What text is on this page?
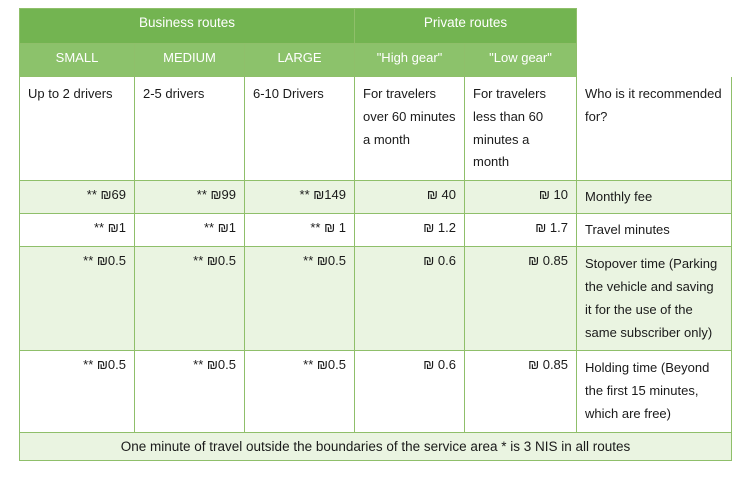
Business routes			Private routes		
SMALL	MEDIUM	LARGE	"High gear"	"Low gear"	
Up to 2 drivers	2-5 drivers	6-10 Drivers	For travelers over 60 minutes a month	For travelers less than 60 minutes a month	Who is it recommended for?
** ₪69	** ₪99	** ₪149	₪ 40	₪ 10	Monthly fee
** ₪1	** ₪1	** ₪ 1	₪ 1.2	₪ 1.7	Travel minutes
** ₪0.5	** ₪0.5	** ₪0.5	₪ 0.6	₪ 0.85	Stopover time (Parking the vehicle and saving it for the use of the same subscriber only)
** ₪0.5	** ₪0.5	** ₪0.5	₪ 0.6	₪ 0.85	Holding time (Beyond the first 15 minutes, which are free)
One minute of travel outside the boundaries of the service area * is 3 NIS in all routes					
